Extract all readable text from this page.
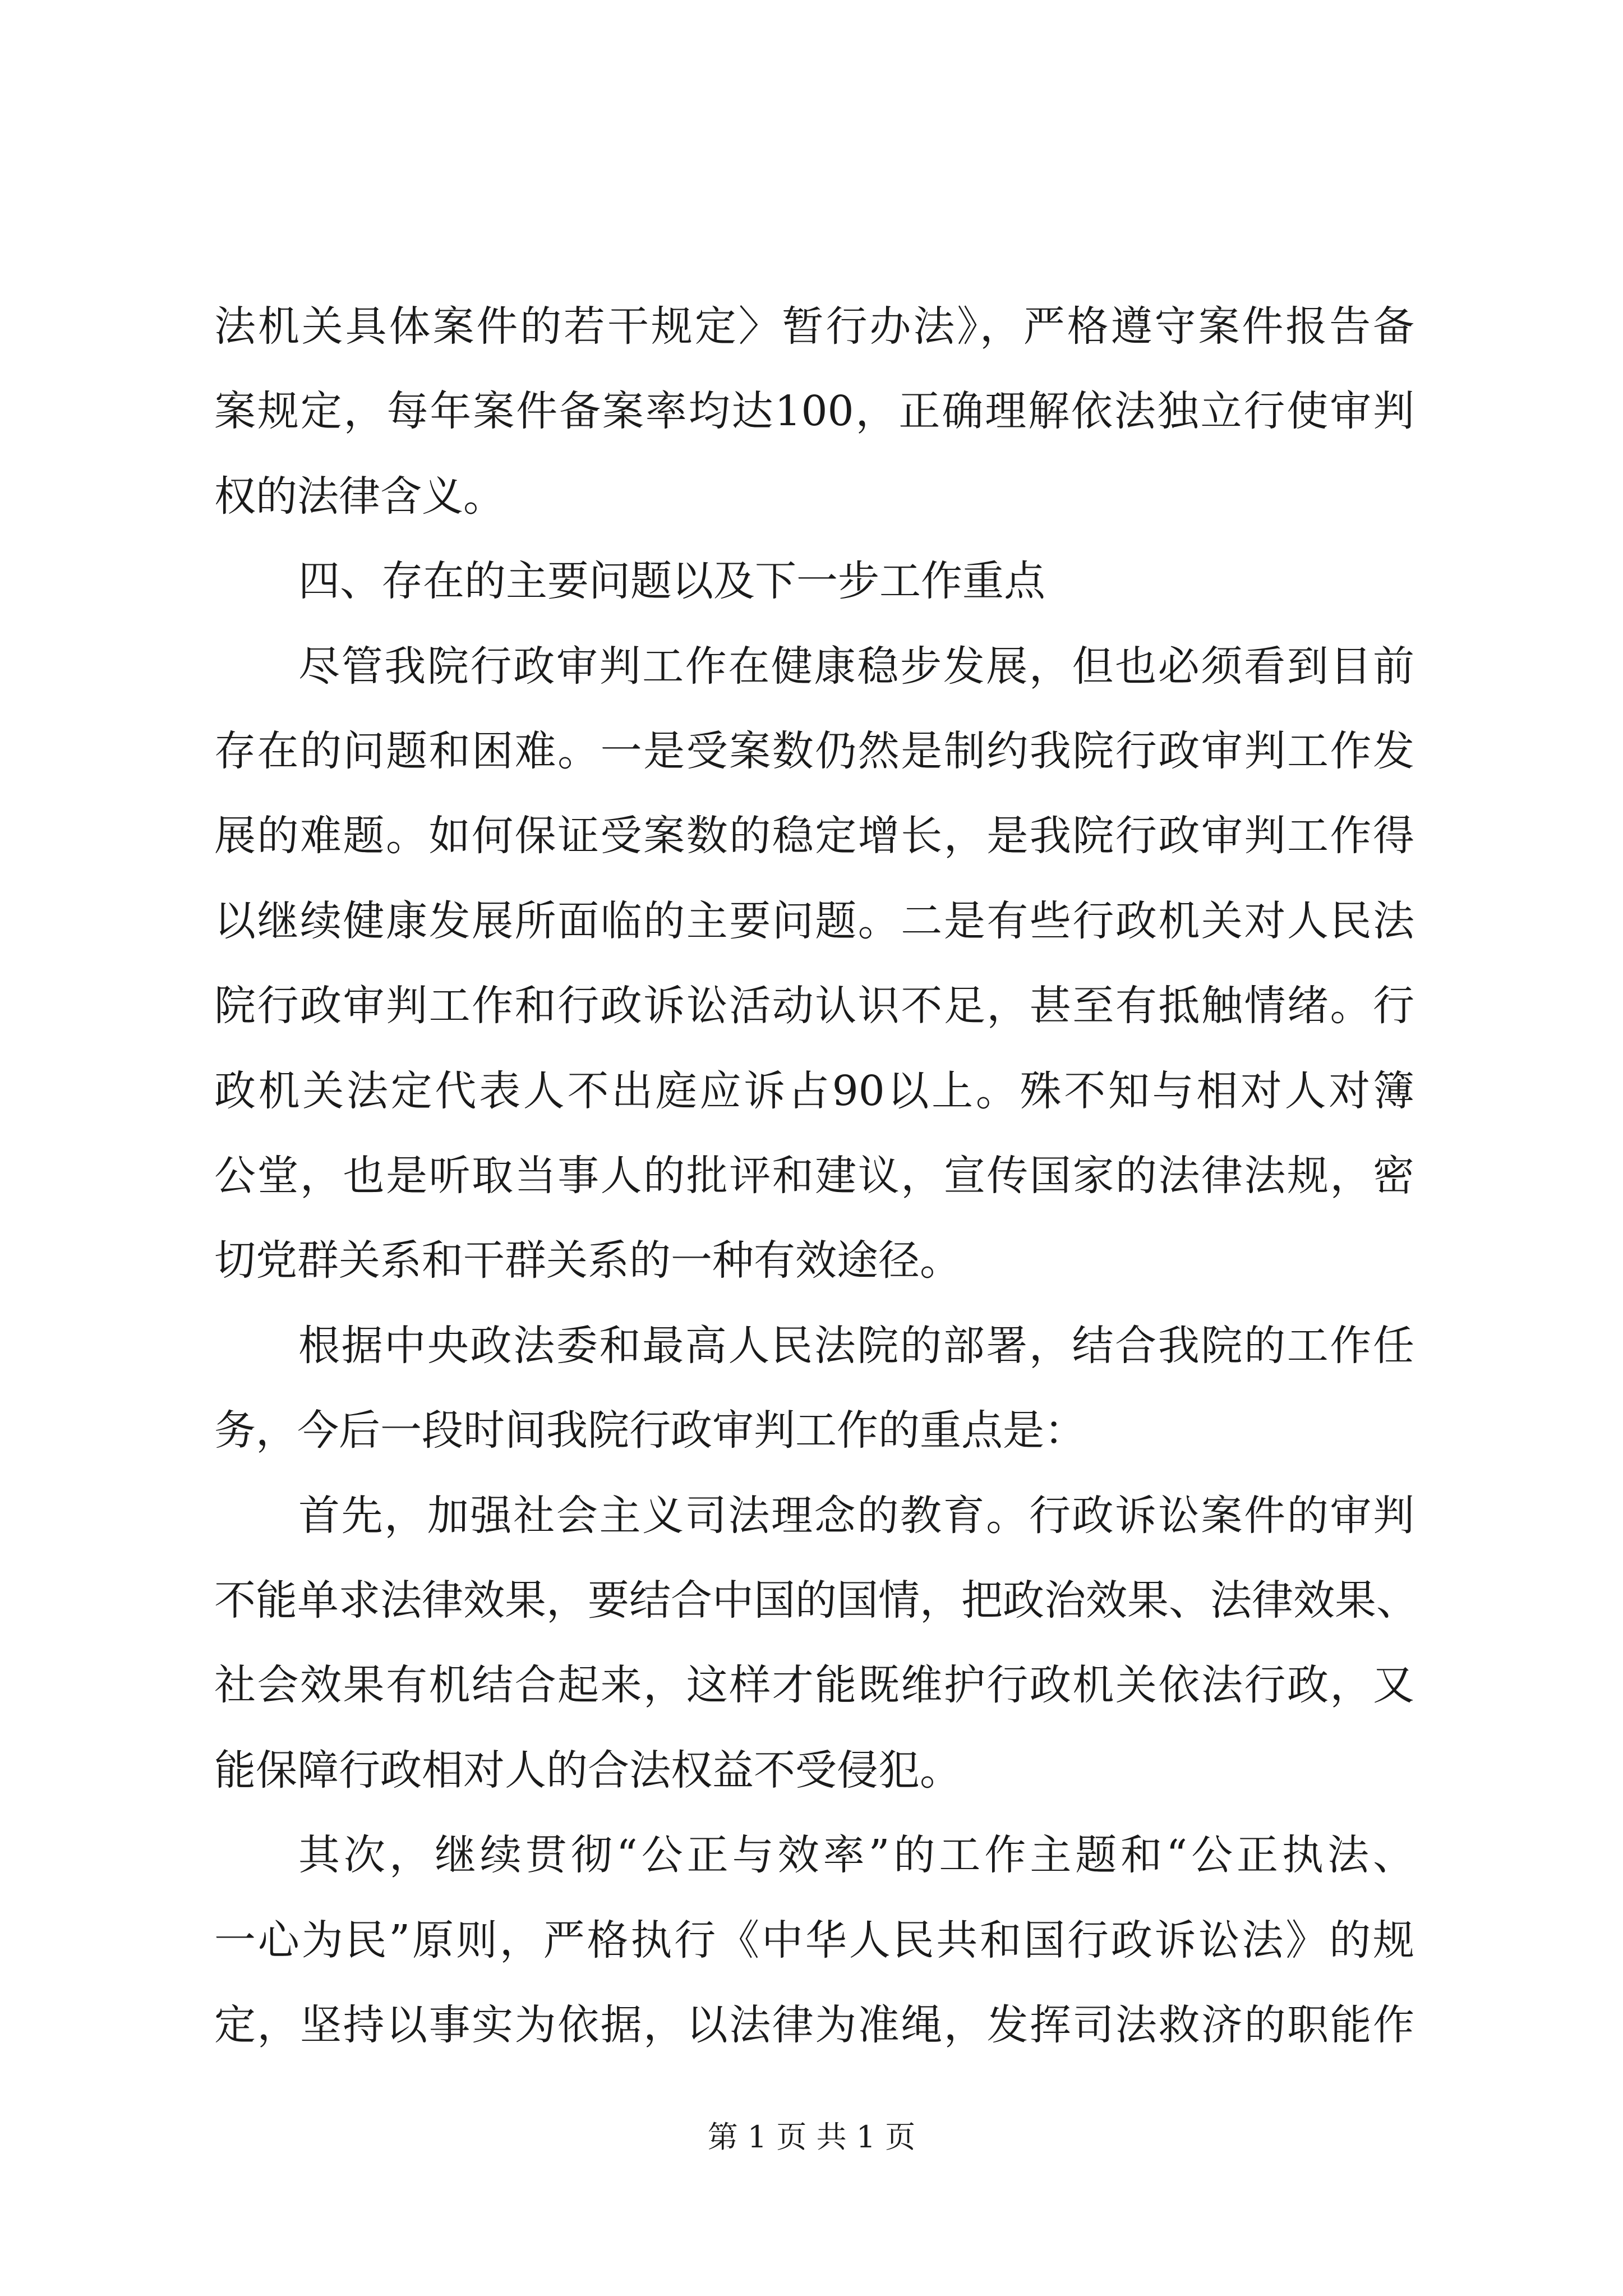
法机关具体案件的若干规定〉暂行办法》，严格遵守案件报告备
案规定，每年案件备案率均达100，正确理解依法独立行使审判
权的法律含义。
四、存在的主要问题以及下一步工作重点
尽管我院行政审判工作在健康稳步发展，但也必须看到目前
存在的问题和困难。一是受案数仍然是制约我院行政审判工作发
展的难题。如何保证受案数的稳定增长，是我院行政审判工作得
以继续健康发展所面临的主要问题。二是有些行政机关对人民法
院行政审判工作和行政诉讼活动认识不足，甚至有抵触情绪。行
政机关法定代表人不出庭应诉占90以上。殊不知与相对人对簿
公堂，也是听取当事人的批评和建议，宣传国家的法律法规，密
切党群关系和干群关系的一种有效途径。
根据中央政法委和最高人民法院的部署，结合我院的工作任
务，今后一段时间我院行政审判工作的重点是：
首先，加强社会主义司法理念的教育。行政诉讼案件的审判
不能单求法律效果，要结合中国的国情，把政治效果、法律效果、
社会效果有机结合起来，这样才能既维护行政机关依法行政，又
能保障行政相对人的合法权益不受侵犯。
其次，继续贯彻“公正与效率”的工作主题和“公正执法、
一心为民”原则，严格执行《中华人民共和国行政诉讼法》的规
定，坚持以事实为依据，以法律为准绳，发挥司法救济的职能作
第 1 页 共 1 页
